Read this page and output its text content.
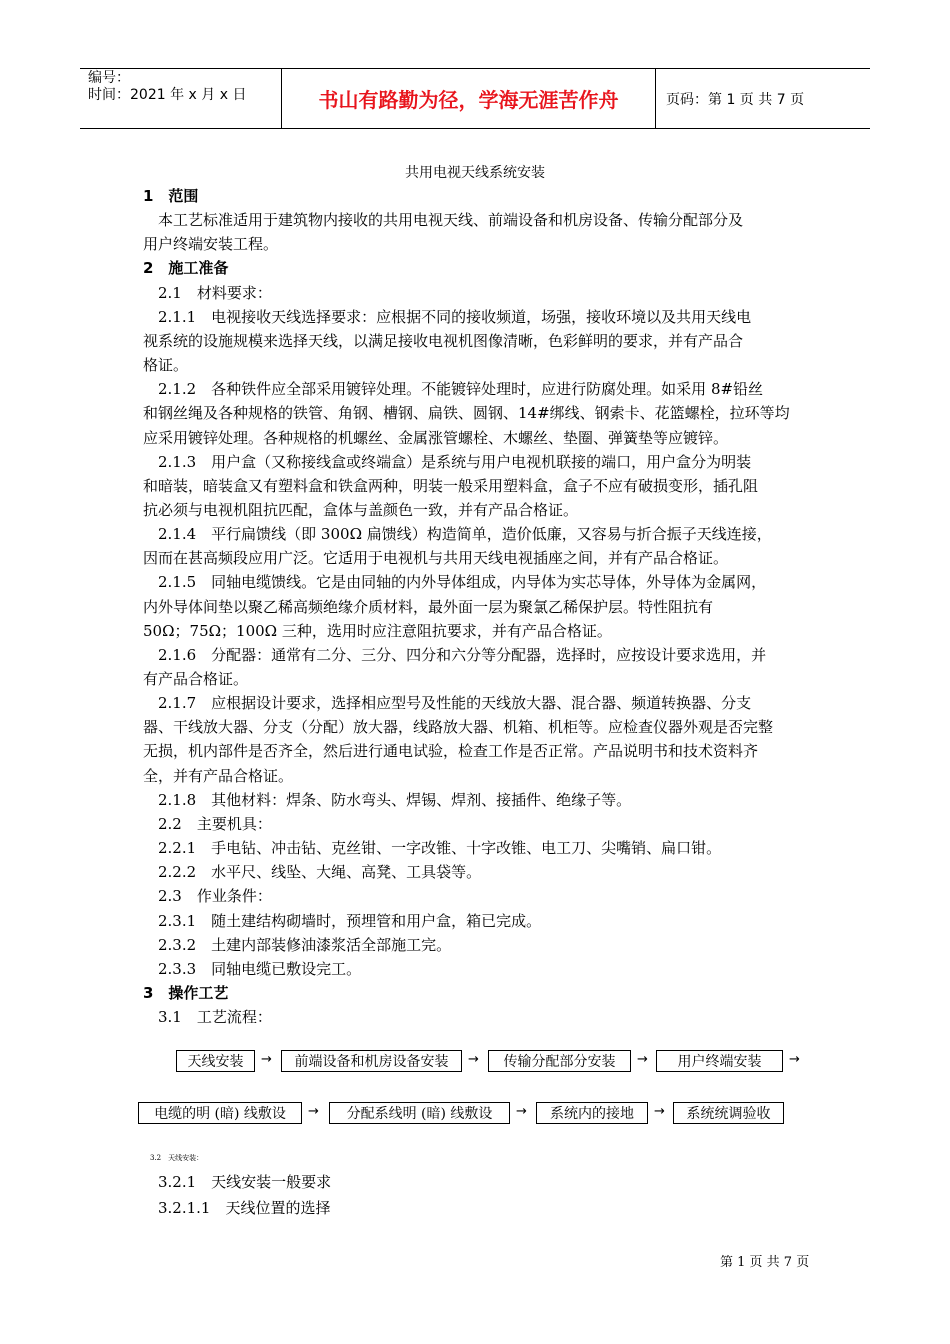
编号：
时间：2021 年 x 月 x 日	书山有路勤为径，学海无涯苦作舟	页码：第 1 页 共 7 页
共用电视天线系统安装
1　范围
　本工艺标准适用于建筑物内接收的共用电视天线、前端设备和机房设备、传输分配部分及
用户终端安装工程。
2　施工准备
　2.1　材料要求：
　2.1.1　电视接收天线选择要求：应根据不同的接收频道，场强，接收环境以及共用天线电
视系统的设施规模来选择天线，以满足接收电视机图像清晰，色彩鲜明的要求，并有产品合
格证。
　2.1.2　各种铁件应全部采用镀锌处理。不能镀锌处理时，应进行防腐处理。如采用 8#铅丝
和钢丝绳及各种规格的铁管、角钢、槽钢、扁铁、圆钢、14#绑线、钢索卡、花篮螺栓，拉环等均
应采用镀锌处理。各种规格的机螺丝、金属涨管螺栓、木螺丝、垫圈、弹簧垫等应镀锌。
　2.1.3　用户盒（又称接线盒或终端盒）是系统与用户电视机联接的端口，用户盒分为明装
和暗装，暗装盒又有塑料盒和铁盒两种，明装一般采用塑料盒，盒子不应有破损变形，插孔阻
抗必须与电视机阻抗匹配，盒体与盖颜色一致，并有产品合格证。
　2.1.4　平行扁馈线（即 300Ω 扁馈线）构造简单，造价低廉，又容易与折合振子天线连接，
因而在甚高频段应用广泛。它适用于电视机与共用天线电视插座之间，并有产品合格证。
　2.1.5　同轴电缆馈线。它是由同轴的内外导体组成，内导体为实芯导体，外导体为金属网，
内外导体间垫以聚乙稀高频绝缘介质材料，最外面一层为聚氯乙稀保护层。特性阻抗有
50Ω；75Ω；100Ω 三种，选用时应注意阻抗要求，并有产品合格证。
　2.1.6　分配器：通常有二分、三分、四分和六分等分配器，选择时，应按设计要求选用，并
有产品合格证。
　2.1.7　应根据设计要求，选择相应型号及性能的天线放大器、混合器、频道转换器、分支
器、干线放大器、分支（分配）放大器，线路放大器、机箱、机柜等。应检查仪器外观是否完整
无损，机内部件是否齐全，然后进行通电试验，检查工作是否正常。产品说明书和技术资料齐
全，并有产品合格证。
　2.1.8　其他材料：焊条、防水弯头、焊锡、焊剂、接插件、绝缘子等。
　2.2　主要机具：
　2.2.1　手电钻、冲击钻、克丝钳、一字改锥、十字改锥、电工刀、尖嘴销、扁口钳。
　2.2.2　水平尺、线坠、大绳、高凳、工具袋等。
　2.3　作业条件：
　2.3.1　随土建结构砌墙时，预埋管和用户盒，箱已完成。
　2.3.2　土建内部装修油漆浆活全部施工完。
　2.3.3　同轴电缆已敷设完工。
3　操作工艺
　3.1　工艺流程：
天线安装	→	前端设备和机房设备安装	→	传输分配部分安装	→	用户终端安装	→
电缆的明 (暗) 线敷设	→	分配系线明 (暗) 线敷设	→	系统内的接地	→	系统统调验收
3.2　天线安装：
　3.2.1　天线安装一般要求
　3.2.1.1　天线位置的选择
第 1 页 共 7 页
